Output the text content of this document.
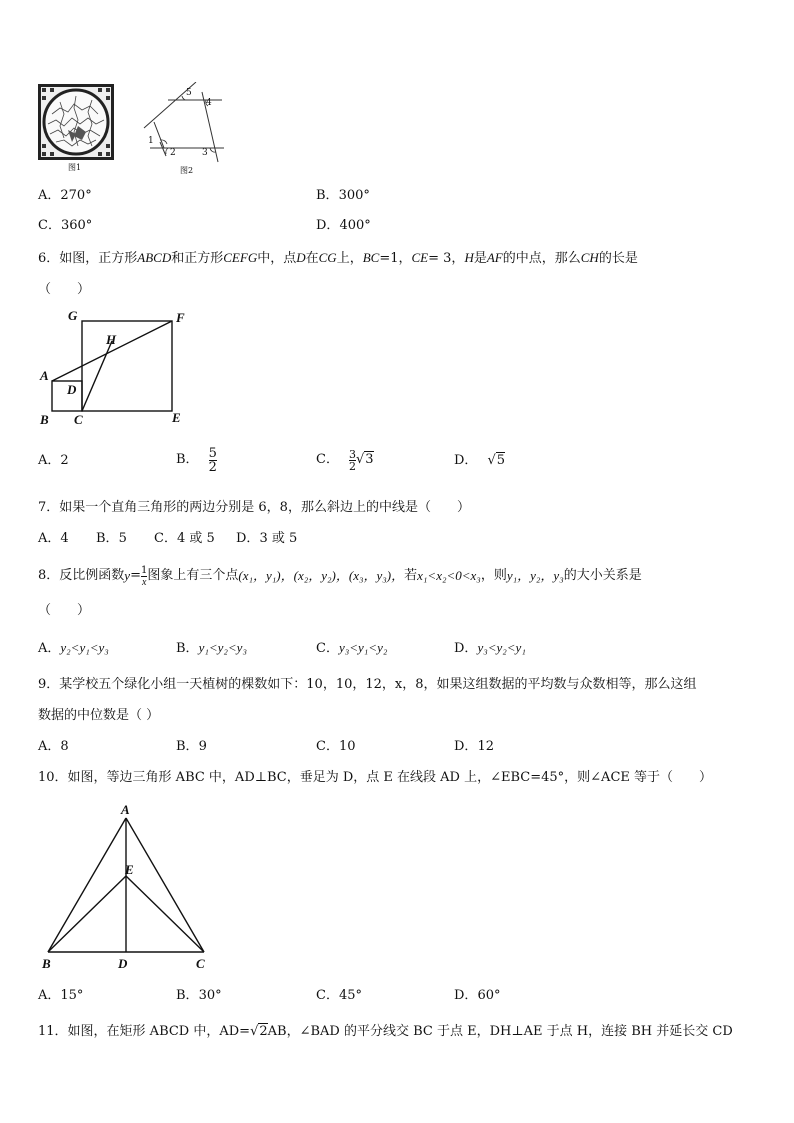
图1
1
2	3
4
5
图2
A．270°	B．300°
C．360°	D．400°
6．如图，正方形ABCD和正方形CEFG中，点D在CG上，BC=1，CE= 3，H是AF的中点，那么CH的长是
（　　）
G	F
H
A
D
B C	E
A．2	B． $\frac{5}{2}$	C． $\frac{3}{2} √3$	D． √5
7．如果一个直角三角形的两边分别是 6，8，那么斜边上的中线是（　　）
A．4 B．5 C．4 或 5 D．3 或 5
8． 反比例函数 $y = \frac{1}{x}$ 图象上有三个点 (x₁，y₁)， (x₂，y₂)， (x₃，y₃)， 若 x₁<x₂<0<x₃ ，则 y₁，y₂，y₃ 的大小关系是
（　　）
A．y₂<y₁<y₃	B．y₁<y₂<y₃	C．y₃<y₁<y₂	D．y₃<y₂<y₁
9．某学校五个绿化小组一天植树的棵数如下：10，10，12，x，8，如果这组数据的平均数与众数相等，那么这组
数据的中位数是（ ）
A．8	B．9	C．10	D．12
10．如图，等边三角形 ABC 中，AD⊥BC，垂足为 D，点 E 在线段 AD 上，∠EBC=45°，则∠ACE 等于（　　）
A
E
B	D	C
A．15°	B．30°	C．45°	D．60°
11．如图，在矩形 ABCD 中，AD=√2AB，∠BAD 的平分线交 BC 于点 E，DH⊥AE 于点 H，连接 BH 并延长交 CD
